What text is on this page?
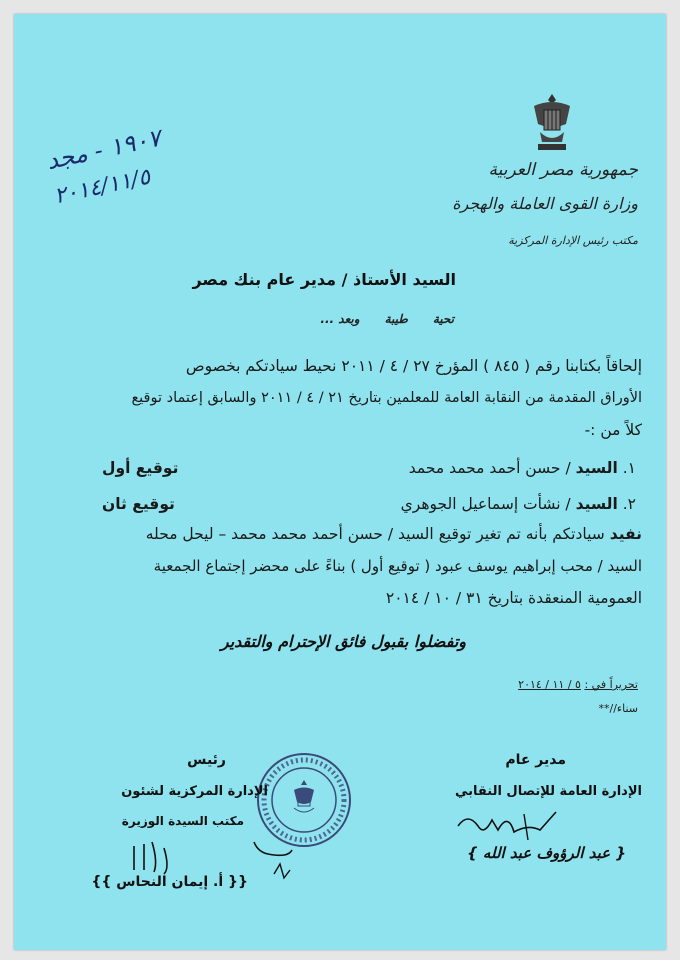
١٩٠٧ - مجد
٢٠١٤/١١/٥	جمهورية مصر العربية
وزارة القوى العاملة والهجرة
مكتب رئيس الإدارة المركزية
السيد الأستاذ / مدير عام بنك مصر
تحية      طيبة      وبعد ...
إلحاقاً بكتابنا رقم ( ٨٤٥ ) المؤرخ ٢٧ / ٤ / ٢٠١١ نحيط سيادتكم بخصوص
الأوراق المقدمة من النقابة العامة للمعلمين بتاريخ ٢١ / ٤ / ٢٠١١ والسابق إعتماد توقيع
كلاً من :-
١. السيد / حسن أحمد محمد محمد
توقيع أول
٢. السيد / نشأت إسماعيل الجوهري
توقيع ثان
نفيد سيادتكم بأنه تم تغير توقيع السيد / حسن أحمد محمد محمد – ليحل محله
السيد / محب إبراهيم يوسف عبود ( توقيع أول ) بناءً على محضر إجتماع الجمعية
العمومية المنعقدة بتاريخ ٣١ / ١٠ / ٢٠١٤
وتفضلوا بقبول فائق الإحترام والتقدير
تحريراً في : ٥ / ١١ / ٢٠١٤
سناء//**
مدير عام
الإدارة العامة للإتصال النقابي
{ عبد الرؤوف عبد الله }
رئيس
الإدارة المركزية لشئون
مكتب السيدة الوزيرة
{{ أ. إيمان النحاس }}
